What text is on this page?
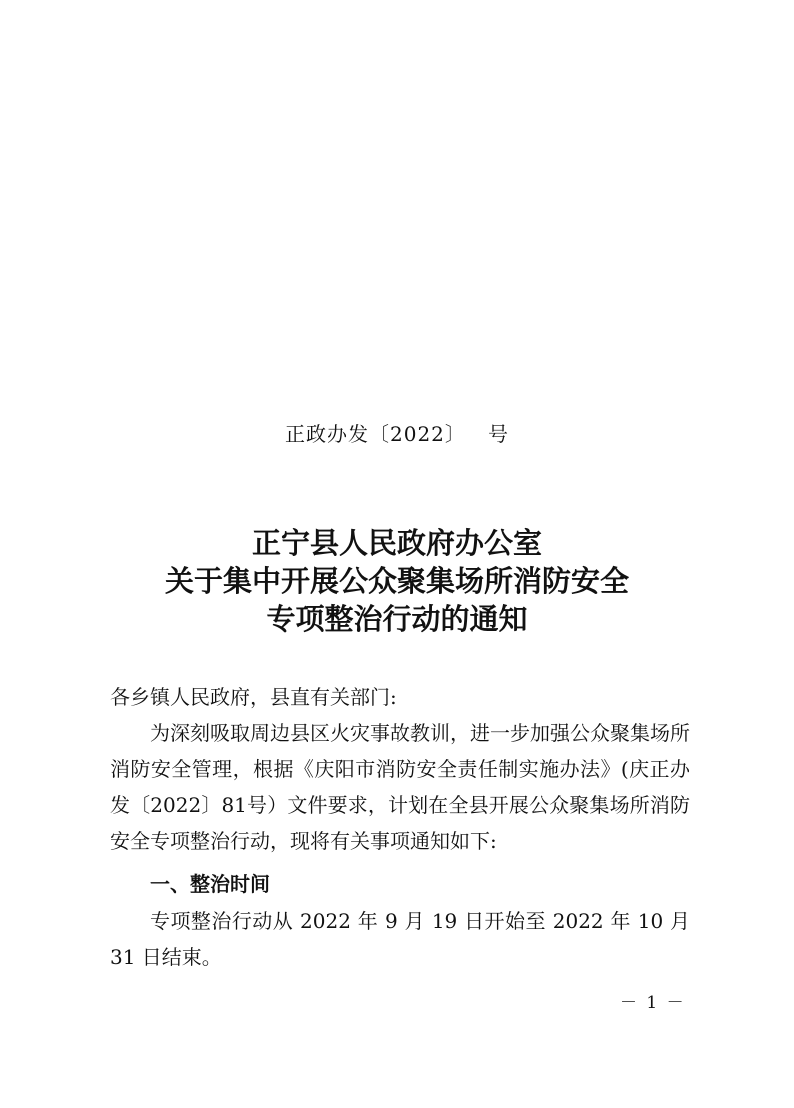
正政办发〔2022〕   号
正宁县人民政府办公室
关于集中开展公众聚集场所消防安全
专项整治行动的通知
各乡镇人民政府，县直有关部门:
为深刻吸取周边县区火灾事故教训，进一步加强公众聚集场所消防安全管理，根据《庆阳市消防安全责任制实施办法》(庆正办发〔2022〕81号）文件要求，计划在全县开展公众聚集场所消防安全专项整治行动，现将有关事项通知如下:
一、整治时间
专项整治行动从 2022 年 9 月 19 日开始至 2022 年 10 月 31 日结束。
－ 1 －
